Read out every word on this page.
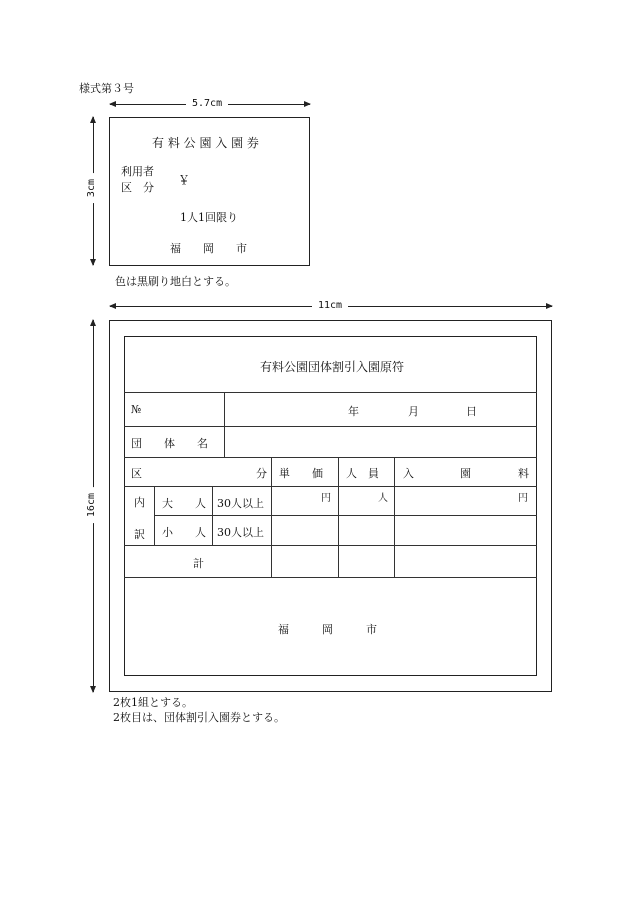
様式第３号
5.7cm
3cm
有 料 公 園 入 園 券
利用者
区　分
￥
1人1回限り
福　　岡　　市
色は黒刷り地白とする。
11cm
16cm
有料公園団体割引入園原符
№	年	月	日
団　　体　　名
区	分 単　　価 人　員 入	園	料
内
訳
大　　人 30人以上	円	人	円
小　　人 30人以上
計
福　　　岡　　　市
2枚1組とする。
2枚目は、団体割引入園券とする。
